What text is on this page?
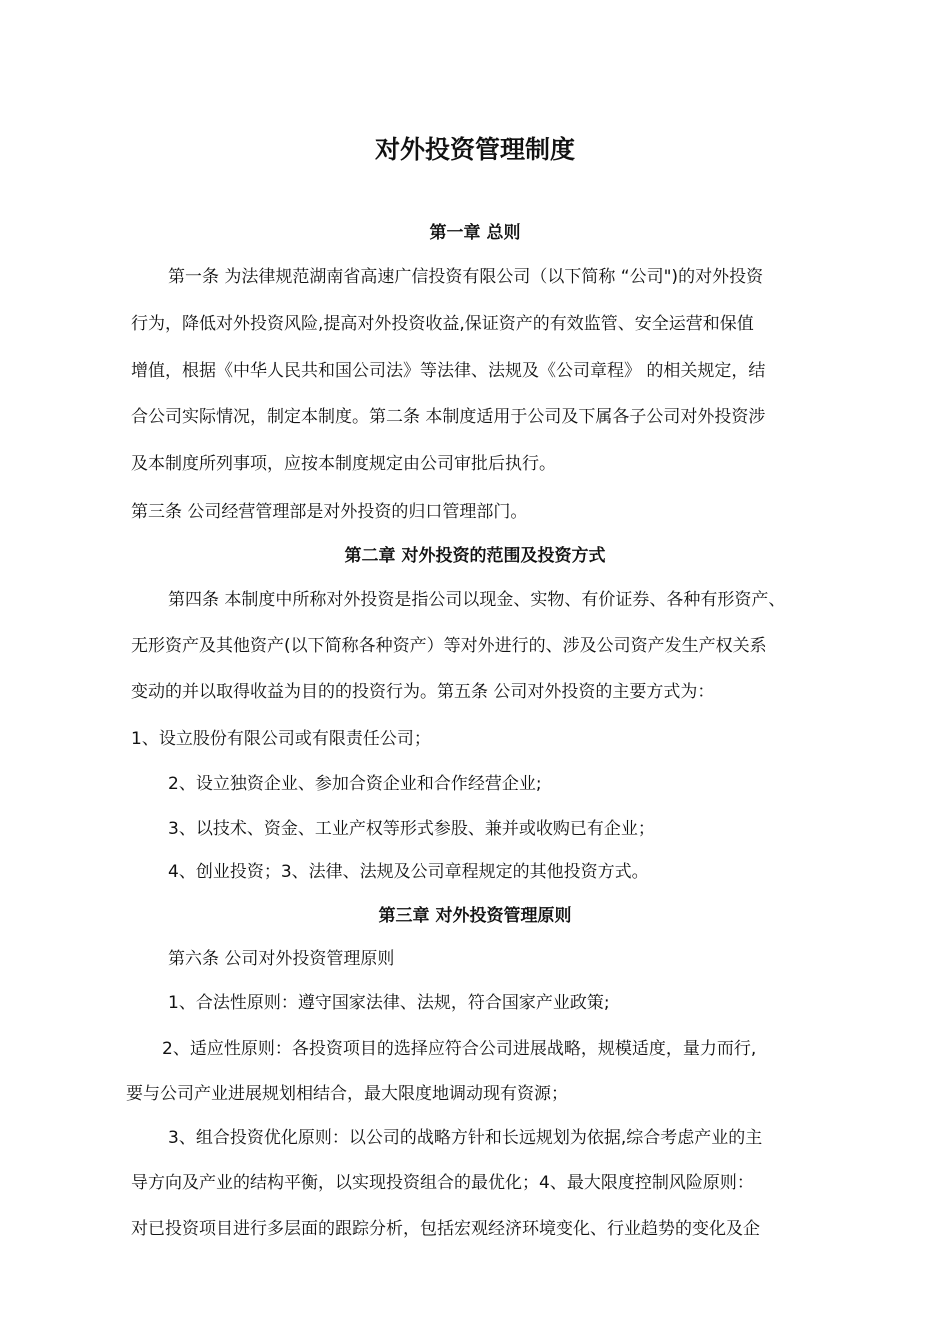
对外投资管理制度
第一章 总则
第一条 为法律规范湖南省高速广信投资有限公司（以下简称 “公司")的对外投资
行为，降低对外投资风险,提高对外投资收益,保证资产的有效监管、安全运营和保值
增值，根据《中华人民共和国公司法》等法律、法规及《公司章程》 的相关规定，结
合公司实际情况，制定本制度。第二条 本制度适用于公司及下属各子公司对外投资涉
及本制度所列事项，应按本制度规定由公司审批后执行。
第三条 公司经营管理部是对外投资的归口管理部门。
第二章 对外投资的范围及投资方式
第四条 本制度中所称对外投资是指公司以现金、实物、有价证券、各种有形资产、
无形资产及其他资产(以下简称各种资产）等对外进行的、涉及公司资产发生产权关系
变动的并以取得收益为目的的投资行为。第五条 公司对外投资的主要方式为：
1、设立股份有限公司或有限责任公司；
2、设立独资企业、参加合资企业和合作经营企业;
3、以技术、资金、工业产权等形式参股、兼并或收购已有企业；
4、创业投资；3、法律、法规及公司章程规定的其他投资方式。
第三章 对外投资管理原则
第六条 公司对外投资管理原则
1、合法性原则：遵守国家法律、法规，符合国家产业政策;
2、适应性原则：各投资项目的选择应符合公司进展战略，规模适度，量力而行,
要与公司产业进展规划相结合，最大限度地调动现有资源；
3、组合投资优化原则：以公司的战略方针和长远规划为依据,综合考虑产业的主
导方向及产业的结构平衡，以实现投资组合的最优化；4、最大限度控制风险原则：
对已投资项目进行多层面的跟踪分析，包括宏观经济环境变化、行业趋势的变化及企
